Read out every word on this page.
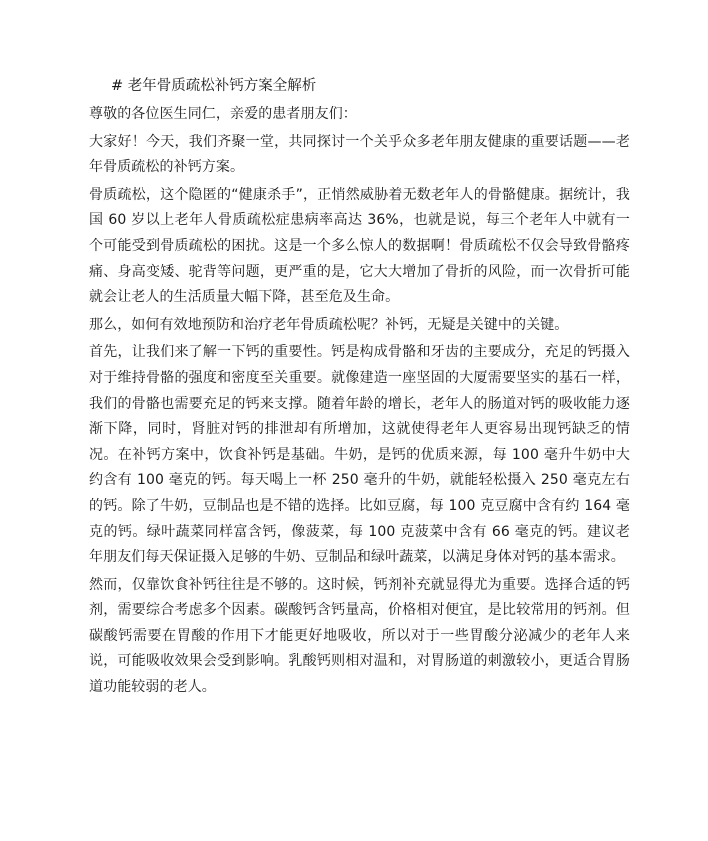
# 老年骨质疏松补钙方案全解析

尊敬的各位医生同仁，亲爱的患者朋友们：

大家好！今天，我们齐聚一堂，共同探讨一个关乎众多老年朋友健康的重要话题——老年骨质疏松的补钙方案。

骨质疏松，这个隐匿的“健康杀手”，正悄然威胁着无数老年人的骨骼健康。据统计，我国 60 岁以上老年人骨质疏松症患病率高达 36%，也就是说，每三个老年人中就有一个可能受到骨质疏松的困扰。这是一个多么惊人的数据啊！骨质疏松不仅会导致骨骼疼痛、身高变矮、驼背等问题，更严重的是，它大大增加了骨折的风险，而一次骨折可能就会让老人的生活质量大幅下降，甚至危及生命。

那么，如何有效地预防和治疗老年骨质疏松呢？补钙，无疑是关键中的关键。

首先，让我们来了解一下钙的重要性。钙是构成骨骼和牙齿的主要成分，充足的钙摄入对于维持骨骼的强度和密度至关重要。就像建造一座坚固的大厦需要坚实的基石一样，我们的骨骼也需要充足的钙来支撑。随着年龄的增长，老年人的肠道对钙的吸收能力逐渐下降，同时，肾脏对钙的排泄却有所增加，这就使得老年人更容易出现钙缺乏的情况。在补钙方案中，饮食补钙是基础。牛奶，是钙的优质来源，每 100 毫升牛奶中大约含有 100 毫克的钙。每天喝上一杯 250 毫升的牛奶，就能轻松摄入 250 毫克左右的钙。除了牛奶，豆制品也是不错的选择。比如豆腐，每 100 克豆腐中含有约 164 毫克的钙。绿叶蔬菜同样富含钙，像菠菜，每 100 克菠菜中含有 66 毫克的钙。建议老年朋友们每天保证摄入足够的牛奶、豆制品和绿叶蔬菜，以满足身体对钙的基本需求。

然而，仅靠饮食补钙往往是不够的。这时候，钙剂补充就显得尤为重要。选择合适的钙剂，需要综合考虑多个因素。碳酸钙含钙量高，价格相对便宜，是比较常用的钙剂。但碳酸钙需要在胃酸的作用下才能更好地吸收，所以对于一些胃酸分泌减少的老年人来说，可能吸收效果会受到影响。乳酸钙则相对温和，对胃肠道的刺激较小，更适合胃肠道功能较弱的老人。
